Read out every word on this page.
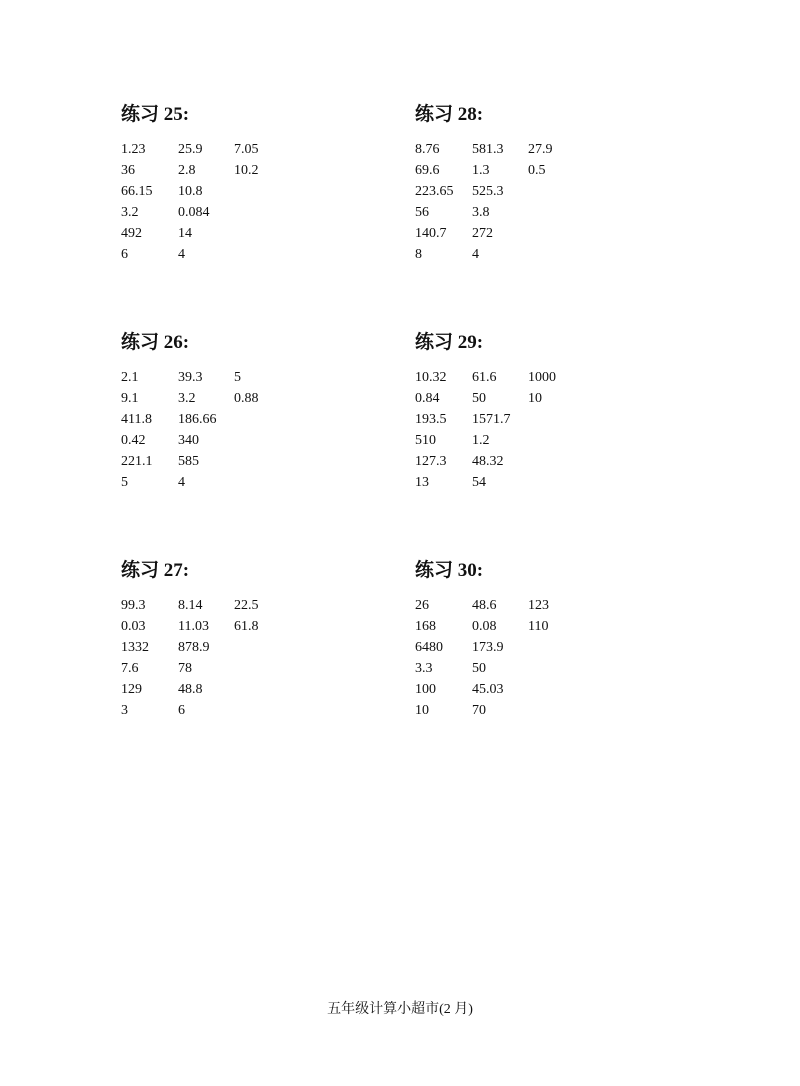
练习 25:
1.23 25.9 7.05
36	2.8	10.2
66.15 10.8
3.2	0.084
492	14
6	4
练习 26:
2.1	39.3 5
9.1	3.2	0.88
411.8 186.66
0.42 340
221.1 585
5	4
练习 27:
99.3 8.14 22.5
0.03 11.03 61.8
1332 878.9
7.6	78
129	48.8
3	6
练习 28:
8.76 581.3 27.9
69.6 1.3	0.5
223.65 525.3
56	3.8
140.7 272
8	4
练习 29:
10.32 61.6 1000
0.84 50	10
193.5 1571.7
510	1.2
127.3 48.32
13	54
练习 30:
26	48.6 123
168	0.08 110
6480 173.9
3.3	50
100	45.03
10	70
五年级计算小超市(2 月)
